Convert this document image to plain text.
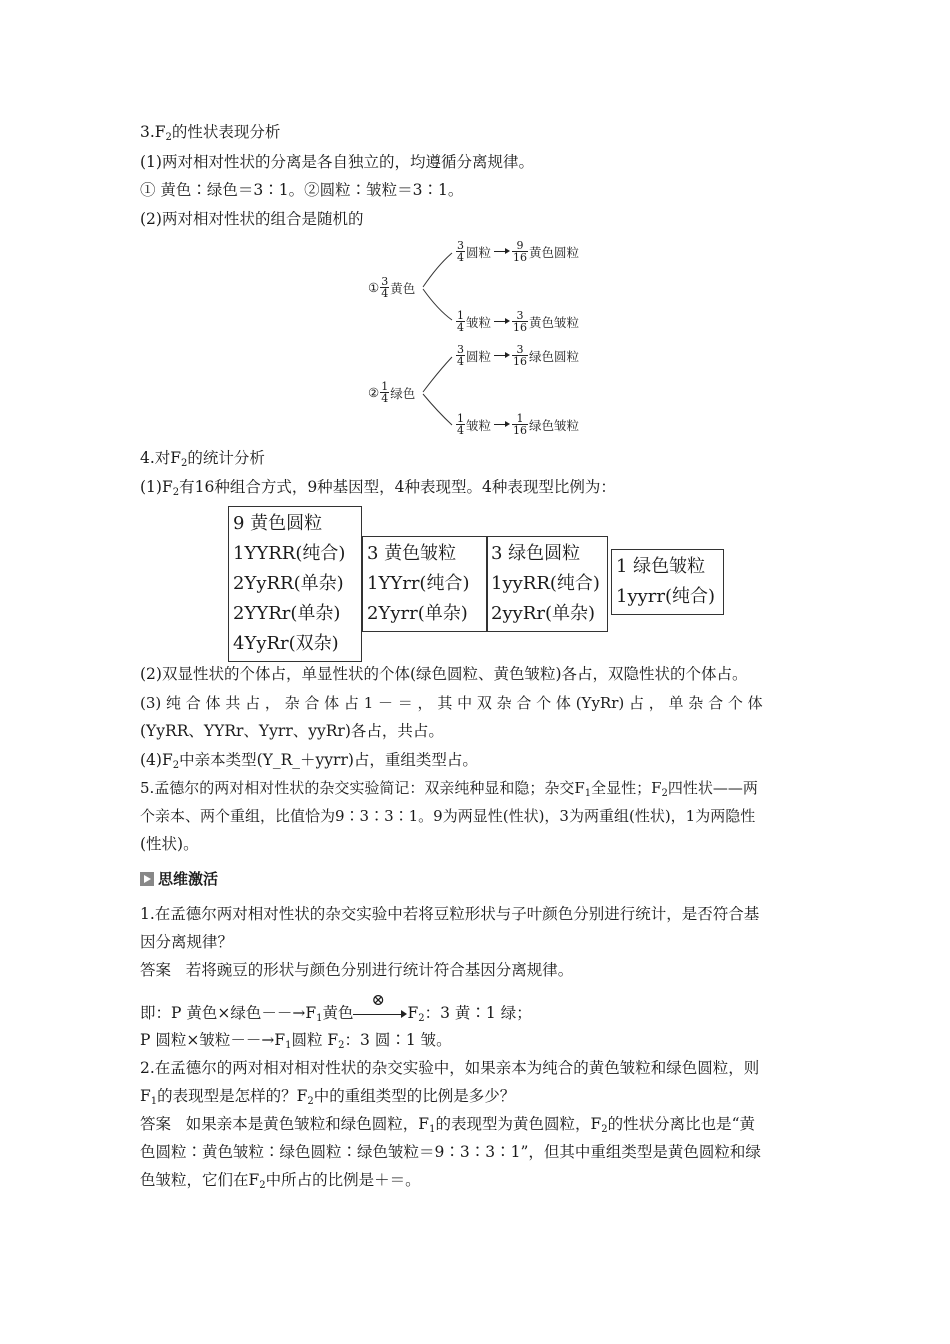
$3.F_2$的性状表现分析
(1)两对相对性状的分离是各自独立的，均遵循分离规律。
① 黄色∶绿色＝3∶1。②圆粒∶皱粒＝3∶1。
(2)两对相对性状的组合是随机的
① $\frac{3}{4}$ 黄色
$\frac{3}{4}$ 圆粒 $\frac{9}{16}$ 黄色圆粒
$\frac{1}{4}$ 皱粒 $\frac{3}{16}$ 黄色皱粒
② $\frac{1}{4}$ 绿色
$\frac{3}{4}$ 圆粒 $\frac{3}{16}$ 绿色圆粒
$\frac{1}{4}$ 皱粒 $\frac{1}{16}$ 绿色皱粒
4.对$F_2$的统计分析
$(1)F_2$有16种组合方式，9种基因型，4种表现型。4种表现型比例为：
9 黄色圆粒
1YYRR(纯合)
2YyRR(单杂)
2YYRr(单杂)
4YyRr(双杂)
3 黄色皱粒
1YYrr(纯合)
2Yyrr(单杂)
3 绿色圆粒
1yyRR(纯合)
2yyRr(单杂)
1 绿色皱粒
1yyrr(纯合)
(2)双显性状的个体占，单显性状的个体(绿色圆粒、黄色皱粒)各占，双隐性状的个体占。
(3) 纯 合 体 共 占 ， 杂 合 体 占 1 － ＝ ， 其 中 双 杂 合 个 体 (YyRr) 占 ， 单 杂 合 个 体
(YyRR、YYRr、Yyrr、yyRr)各占，共占。
$(4)F_2$中亲本类型(Y_R_＋yyrr)占，重组类型占。
5.孟德尔的两对相对性状的杂交实验简记：双亲纯种显和隐；杂交$F_1$全显性；$F_2$四性状——两
个亲本、两个重组，比值恰为9∶3∶3∶1。9为两显性(性状)，3为两重组(性状)，1为两隐性
(性状)。
思维激活
1.在孟德尔两对相对性状的杂交实验中若将豆粒形状与子叶颜色分别进行统计，是否符合基
因分离规律？
答案 若将豌豆的形状与颜色分别进行统计符合基因分离规律。
即：P 黄色×绿色$--\to F_1$黄色
⊗
$F_2$：3 黄∶1 绿；
P 圆粒×皱粒$--\to F_1$圆粒 $F_2$：3 圆∶1 皱。
2.在孟德尔的两对相对相对性状的杂交实验中，如果亲本为纯合的黄色皱粒和绿色圆粒，则
$F_1$的表现型是怎样的？$F_2$中的重组类型的比例是多少？
答案 如果亲本是黄色皱粒和绿色圆粒，$F_1$的表现型为黄色圆粒，$F_2$的性状分离比也是“黄
色圆粒∶黄色皱粒∶绿色圆粒∶绿色皱粒＝9∶3∶3∶1”，但其中重组类型是黄色圆粒和绿
色皱粒，它们在$F_2$中所占的比例是＋＝。
